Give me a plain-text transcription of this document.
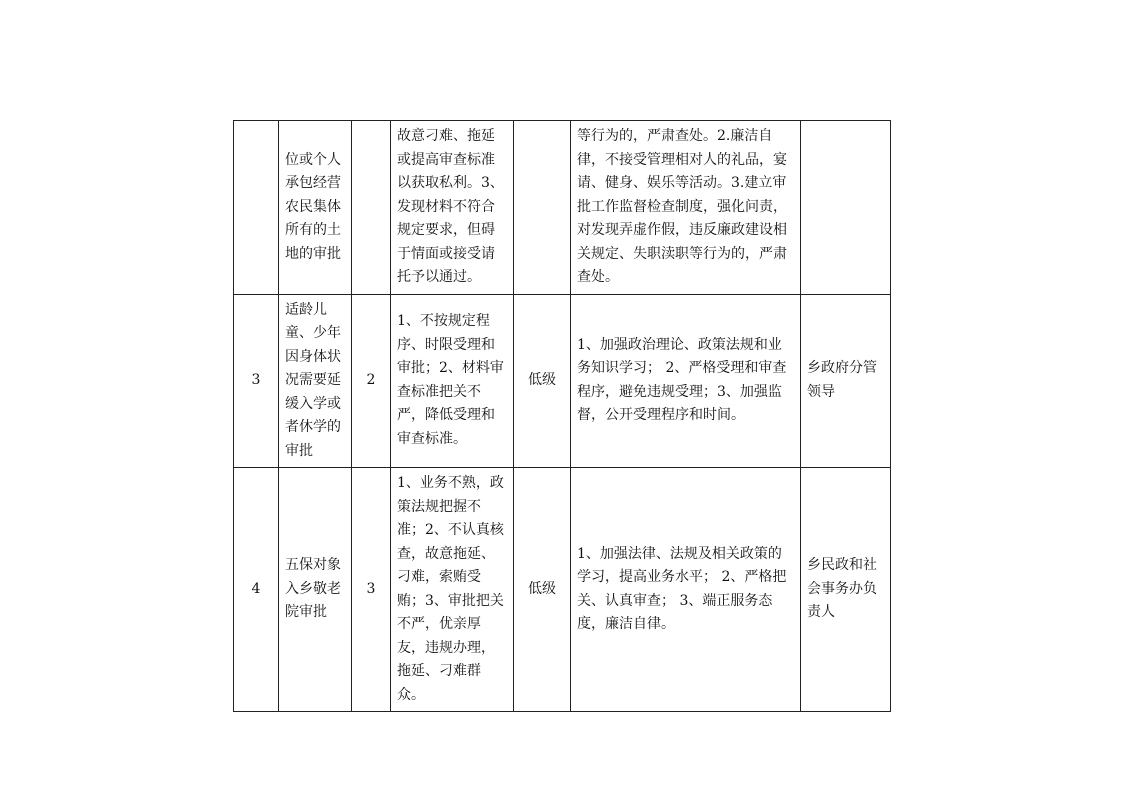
	位或个人承包经营农民集体所有的土地的审批		故意刁难、拖延或提高审查标准以获取私利。3、发现材料不符合规定要求，但碍于情面或接受请托予以通过。		等行为的，严肃查处。2.廉洁自律，不接受管理相对人的礼品，宴请、健身、娱乐等活动。3.建立审批工作监督检查制度，强化问责，对发现弄虚作假，违反廉政建设相关规定、失职渎职等行为的，严肃查处。	
3	适龄儿童、少年因身体状况需要延缓入学或者休学的审批	2	1、不按规定程序、时限受理和审批；2、材料审查标准把关不严，降低受理和审查标准。	低级	1、加强政治理论、政策法规和业务知识学习； 2、严格受理和审查程序，避免违规受理；3、加强监督，公开受理程序和时间。	乡政府分管领导
4	五保对象入乡敬老院审批	3	1、业务不熟，政策法规把握不准；2、不认真核查，故意拖延、刁难，索贿受贿；3、审批把关不严，优亲厚友，违规办理，拖延、刁难群众。	低级	1、加强法律、法规及相关政策的学习，提高业务水平； 2、严格把关、认真审查； 3、端正服务态度，廉洁自律。	乡民政和社会事务办负责人
